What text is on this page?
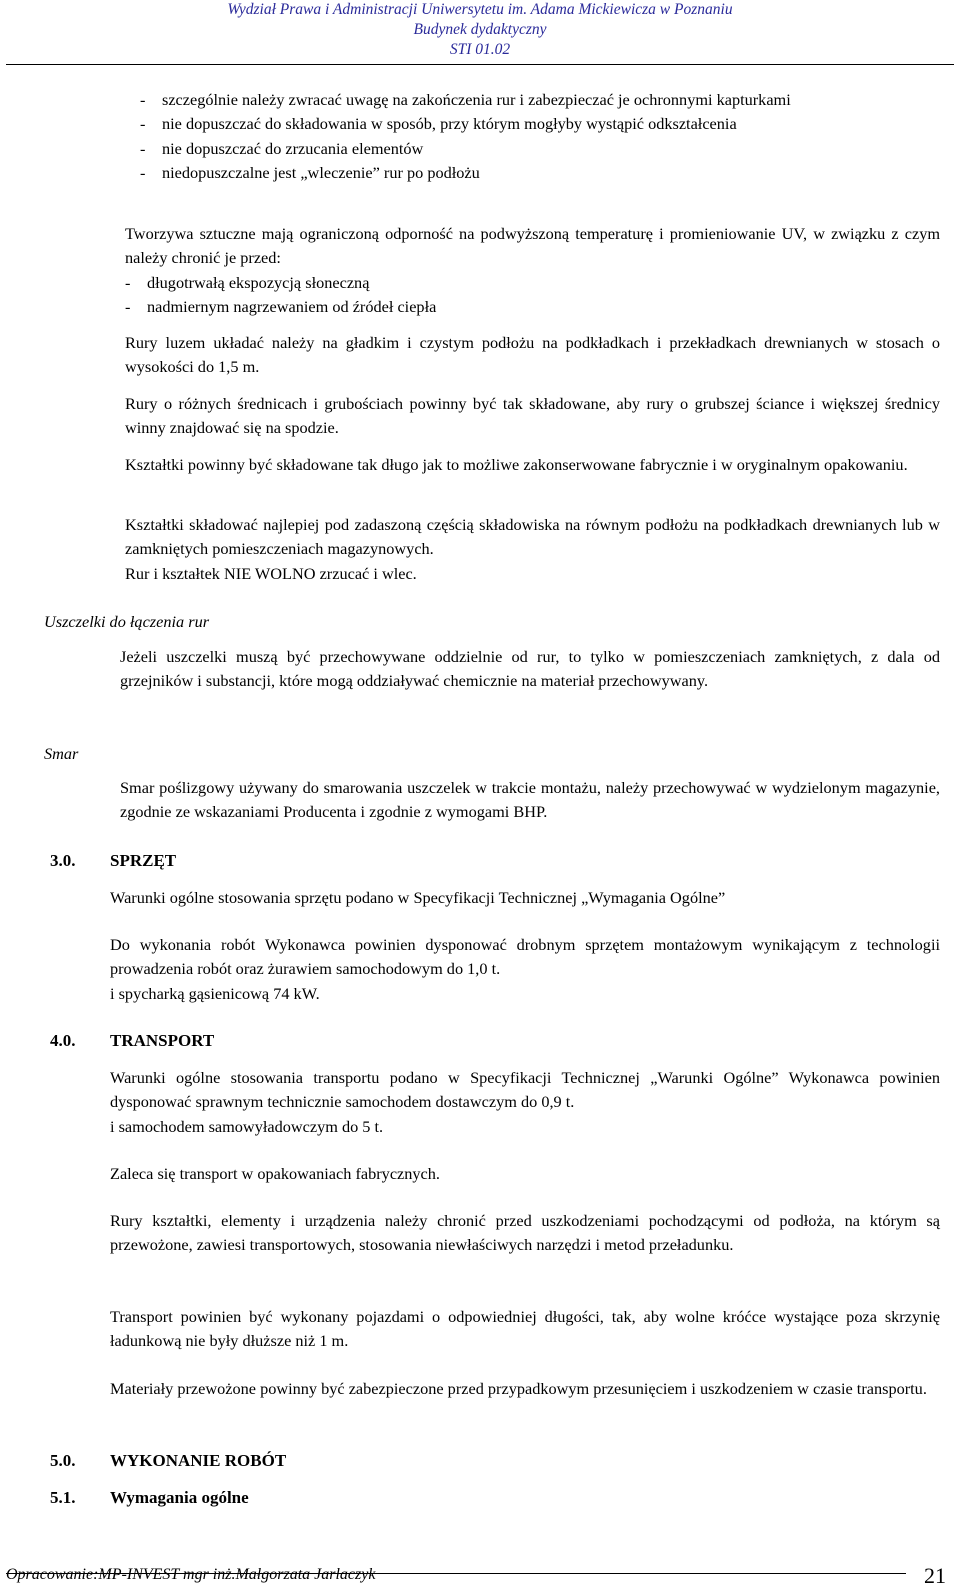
Wydział Prawa i Administracji Uniwersytetu im. Adama Mickiewicza w Poznaniu
Budynek dydaktyczny
STI 01.02
-	szczególnie należy zwracać uwagę na zakończenia rur i zabezpieczać je ochronnymi kapturkami
-	nie dopuszczać do składowania w sposób, przy którym mogłyby wystąpić odkształcenia
-	nie dopuszczać do zrzucania elementów
-	niedopuszczalne jest „wleczenie” rur po podłożu
Tworzywa sztuczne mają ograniczoną odporność na podwyższoną temperaturę i promieniowanie UV, w związku z czym należy chronić je przed:
-	długotrwałą ekspozycją słoneczną
-	nadmiernym nagrzewaniem od źródeł ciepła
Rury luzem układać należy na gładkim i czystym podłożu na podkładkach i przekładkach drewnianych w stosach o wysokości do 1,5 m.
Rury o różnych średnicach i grubościach powinny być tak składowane, aby rury o grubszej ściance i większej średnicy winny znajdować się na spodzie.
Kształtki powinny być składowane tak długo jak to możliwe zakonserwowane fabrycznie i w oryginalnym opakowaniu.
Kształtki składować najlepiej pod zadaszoną częścią składowiska na równym podłożu na podkładkach drewnianych lub w zamkniętych pomieszczeniach magazynowych.
Rur i kształtek NIE WOLNO zrzucać i wlec.
Uszczelki do łączenia rur
Jeżeli uszczelki muszą być przechowywane oddzielnie od rur, to tylko w pomieszczeniach zamkniętych, z dala od grzejników i substancji, które mogą oddziaływać chemicznie na materiał przechowywany.
Smar
Smar poślizgowy używany do smarowania uszczelek w trakcie montażu, należy przechowywać w wydzielonym magazynie, zgodnie ze wskazaniami Producenta i zgodnie z wymogami BHP.
3.0. SPRZĘT
Warunki ogólne stosowania sprzętu podano w Specyfikacji Technicznej „Wymagania Ogólne”
Do wykonania robót Wykonawca powinien dysponować drobnym sprzętem montażowym wynikającym z technologii prowadzenia robót oraz żurawiem samochodowym do 1,0 t.
i spycharką gąsienicową 74 kW.
4.0. TRANSPORT
Warunki ogólne stosowania transportu podano w Specyfikacji Technicznej „Warunki Ogólne” Wykonawca powinien dysponować sprawnym technicznie samochodem dostawczym do 0,9 t.
i samochodem samowyładowczym do 5 t.
Zaleca się transport w opakowaniach fabrycznych.
Rury kształtki, elementy i urządzenia należy chronić przed uszkodzeniami pochodzącymi od podłoża, na którym są przewożone, zawiesi transportowych, stosowania niewłaściwych narzędzi i metod przeładunku.
Transport powinien być wykonany pojazdami o odpowiedniej długości, tak, aby wolne króćce wystające poza skrzynię ładunkową nie były dłuższe niż 1 m.
Materiały przewożone powinny być zabezpieczone przed przypadkowym przesunięciem i uszkodzeniem w czasie transportu.
5.0. WYKONANIE ROBÓT
5.1. Wymagania ogólne
Opracowanie:MP-INVEST mgr inż.Małgorzata Jarlaczyk	21
